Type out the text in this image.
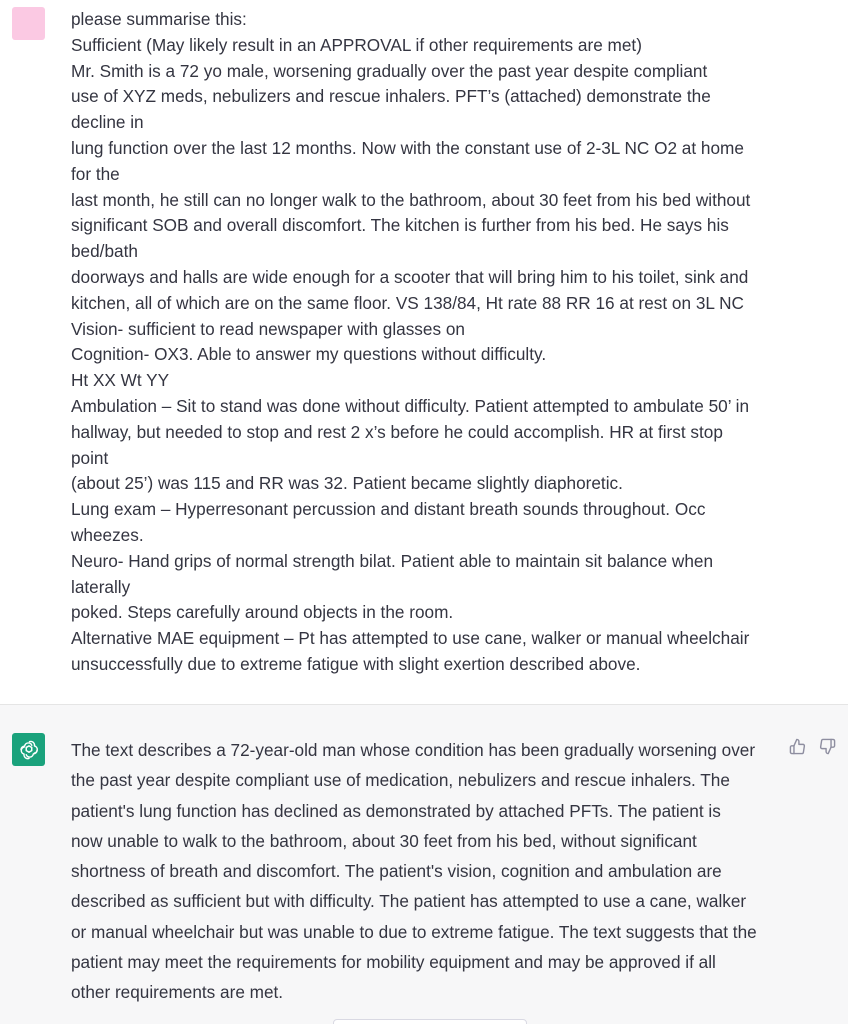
please summarise this:
Sufficient (May likely result in an APPROVAL if other requirements are met)
Mr. Smith is a 72 yo male, worsening gradually over the past year despite compliant
use of XYZ meds, nebulizers and rescue inhalers. PFT’s (attached) demonstrate the
decline in
lung function over the last 12 months. Now with the constant use of 2-3L NC O2 at home
for the
last month, he still can no longer walk to the bathroom, about 30 feet from his bed without
significant SOB and overall discomfort. The kitchen is further from his bed. He says his
bed/bath
doorways and halls are wide enough for a scooter that will bring him to his toilet, sink and
kitchen, all of which are on the same floor. VS 138/84, Ht rate 88 RR 16 at rest on 3L NC
Vision- sufficient to read newspaper with glasses on
Cognition- OX3. Able to answer my questions without difficulty.
Ht XX Wt YY
Ambulation – Sit to stand was done without difficulty. Patient attempted to ambulate 50’ in
hallway, but needed to stop and rest 2 x’s before he could accomplish. HR at first stop
point
(about 25’) was 115 and RR was 32. Patient became slightly diaphoretic.
Lung exam – Hyperresonant percussion and distant breath sounds throughout. Occ
wheezes.
Neuro- Hand grips of normal strength bilat. Patient able to maintain sit balance when
laterally
poked. Steps carefully around objects in the room.
Alternative MAE equipment – Pt has attempted to use cane, walker or manual wheelchair
unsuccessfully due to extreme fatigue with slight exertion described above.
The text describes a 72-year-old man whose condition has been gradually worsening over
the past year despite compliant use of medication, nebulizers and rescue inhalers. The
patient's lung function has declined as demonstrated by attached PFTs. The patient is
now unable to walk to the bathroom, about 30 feet from his bed, without significant
shortness of breath and discomfort. The patient's vision, cognition and ambulation are
described as sufficient but with difficulty. The patient has attempted to use a cane, walker
or manual wheelchair but was unable to due to extreme fatigue. The text suggests that the
patient may meet the requirements for mobility equipment and may be approved if all
other requirements are met.
